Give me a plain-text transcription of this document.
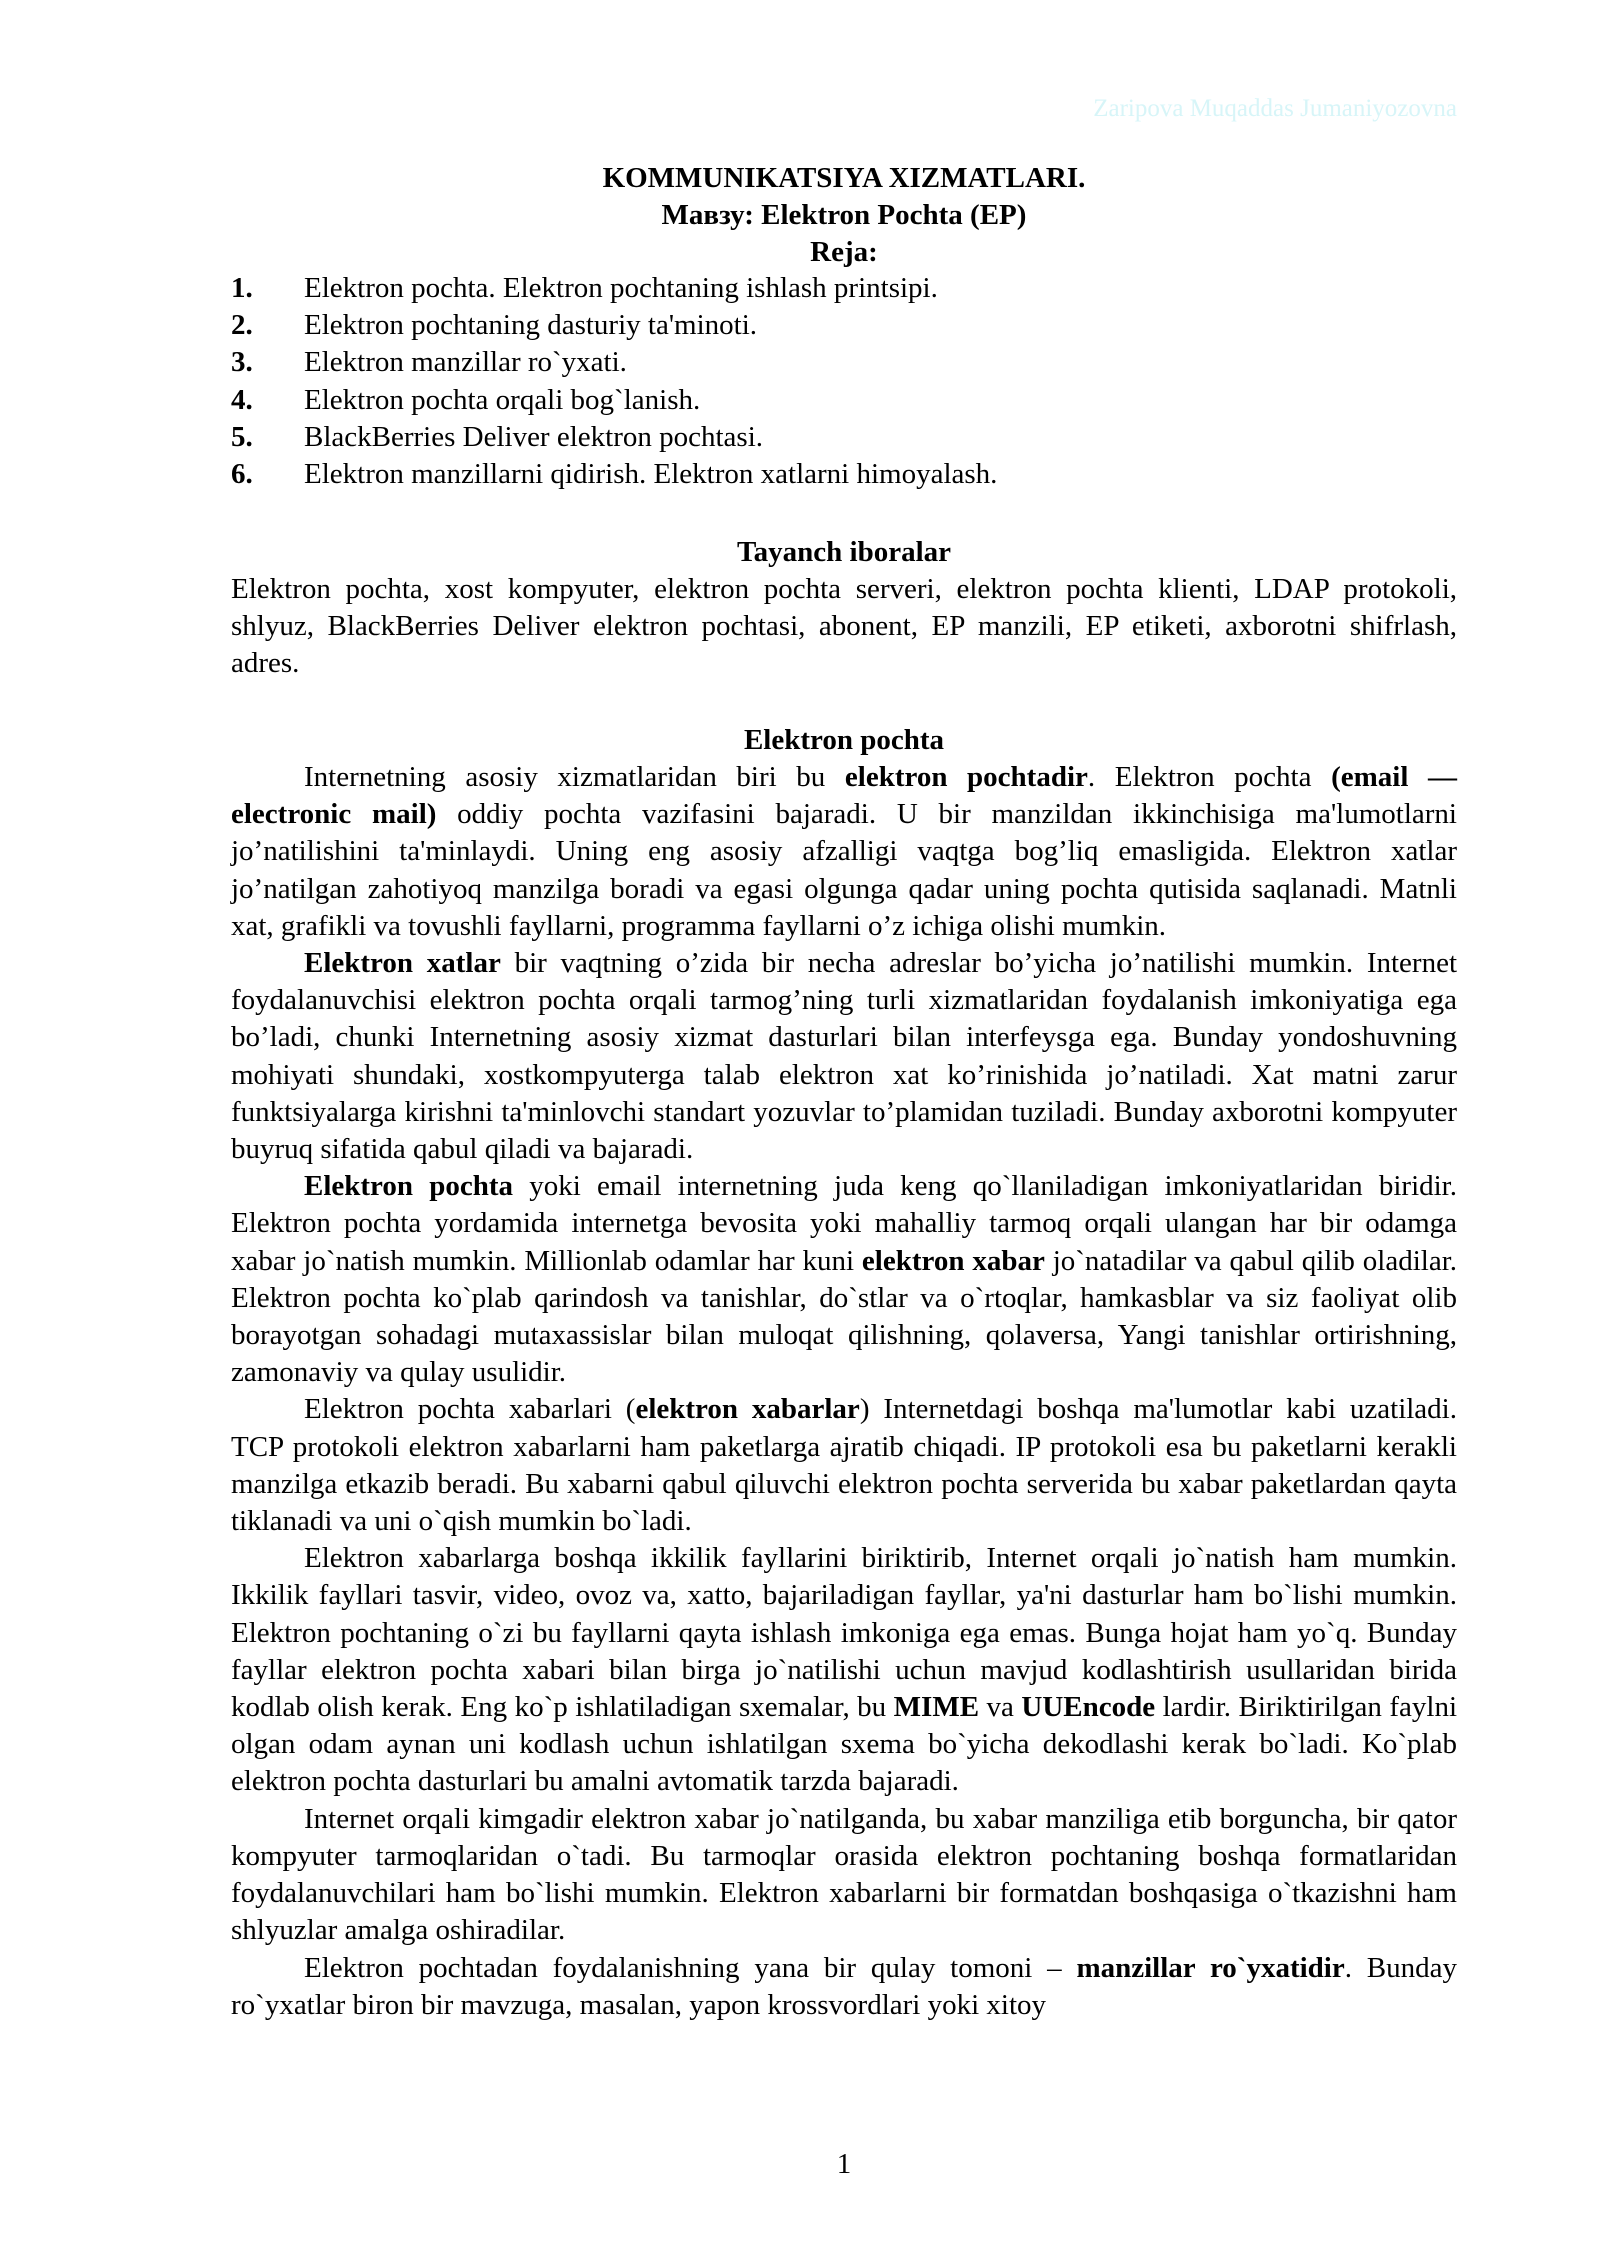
Zaripova Muqaddas Jumaniyozovna
KOMMUNIKATSIYA XIZMATLARI.
Мавзу: Elektron Pochta (EP)
Reja:
1.	Elektron pochta. Elektron pochtaning ishlash printsipi.
2.	Elektron pochtaning dasturiy ta'minoti.
3.	Elektron manzillar ro`yxati.
4.	Elektron pochta orqali bog`lanish.
5.	BlackBerries Deliver elektron pochtasi.
6.	Elektron manzillarni qidirish. Elektron xatlarni himoyalash.
Tayanch iboralar

Elektron pochta, xost kompyuter, elektron pochta serveri, elektron pochta klienti, LDAP protokoli, shlyuz, BlackBerries Deliver elektron pochtasi, abonent, EP manzili, EP etiketi, axborotni shifrlash, adres.

Elektron pochta

Internetning asosiy xizmatlaridan biri bu elektron pochtadir. Elektron pochta (email — electronic mail) oddiy pochta vazifasini bajaradi. U bir manzildan ikkinchisiga ma'lumotlarni jo’natilishini ta'minlaydi. Uning eng asosiy afzalligi vaqtga bog’liq emasligida. Elektron xatlar jo’natilgan zahotiyoq manzilga boradi va egasi olgunga qadar uning pochta qutisida saqlanadi. Matnli xat, grafikli va tovushli fayllarni, programma fayllarni o’z ichiga olishi mumkin.

Elektron xatlar bir vaqtning o’zida bir necha adreslar bo’yicha jo’natilishi mumkin. Internet foydalanuvchisi elektron pochta orqali tarmog’ning turli xizmatlaridan foydalanish imkoniyatiga ega bo’ladi, chunki Internetning asosiy xizmat dasturlari bilan interfeysga ega. Bunday yondoshuvning mohiyati shundaki, xostkompyuterga talab elektron xat ko’rinishida jo’natiladi. Xat matni zarur funktsiyalarga kirishni ta'minlovchi standart yozuvlar to’plamidan tuziladi. Bunday axborotni kompyuter buyruq sifatida qabul qiladi va bajaradi.

Elektron pochta yoki email internetning juda keng qo`llaniladigan imkoniyatlaridan biridir. Elektron pochta yordamida internetga bevosita yoki mahalliy tarmoq orqali ulangan har bir odamga xabar jo`natish mumkin. Millionlab odamlar har kuni elektron xabar jo`natadilar va qabul qilib oladilar. Elektron pochta ko`plab qarindosh va tanishlar, do`stlar va o`rtoqlar, hamkasblar va siz faoliyat olib borayotgan sohadagi mutaxassislar bilan muloqat qilishning, qolaversa, Yangi tanishlar ortirishning, zamonaviy va qulay usulidir.

Elektron pochta xabarlari (elektron xabarlar) Internetdagi boshqa ma'lumotlar kabi uzatiladi. TCP protokoli elektron xabarlarni ham paketlarga ajratib chiqadi. IP protokoli esa bu paketlarni kerakli manzilga etkazib beradi. Bu xabarni qabul qiluvchi elektron pochta serverida bu xabar paketlardan qayta tiklanadi va uni o`qish mumkin bo`ladi.

Elektron xabarlarga boshqa ikkilik fayllarini biriktirib, Internet orqali jo`natish ham mumkin. Ikkilik fayllari tasvir, video, ovoz va, xatto, bajariladigan fayllar, ya'ni dasturlar ham bo`lishi mumkin. Elektron pochtaning o`zi bu fayllarni qayta ishlash imkoniga ega emas. Bunga hojat ham yo`q. Bunday fayllar elektron pochta xabari bilan birga jo`natilishi uchun mavjud kodlashtirish usullaridan birida kodlab olish kerak. Eng ko`p ishlatiladigan sxemalar, bu MIME va UUEncode lardir. Biriktirilgan faylni olgan odam aynan uni kodlash uchun ishlatilgan sxema bo`yicha dekodlashi kerak bo`ladi. Ko`plab elektron pochta dasturlari bu amalni avtomatik tarzda bajaradi.

Internet orqali kimgadir elektron xabar jo`natilganda, bu xabar manziliga etib borguncha, bir qator kompyuter tarmoqlaridan o`tadi. Bu tarmoqlar orasida elektron pochtaning boshqa formatlaridan foydalanuvchilari ham bo`lishi mumkin. Elektron xabarlarni bir formatdan boshqasiga o`tkazishni ham shlyuzlar amalga oshiradilar.

Elektron pochtadan foydalanishning yana bir qulay tomoni – manzillar ro`yxatidir. Bunday ro`yxatlar biron bir mavzuga, masalan, yapon krossvordlari yoki xitoy

1
